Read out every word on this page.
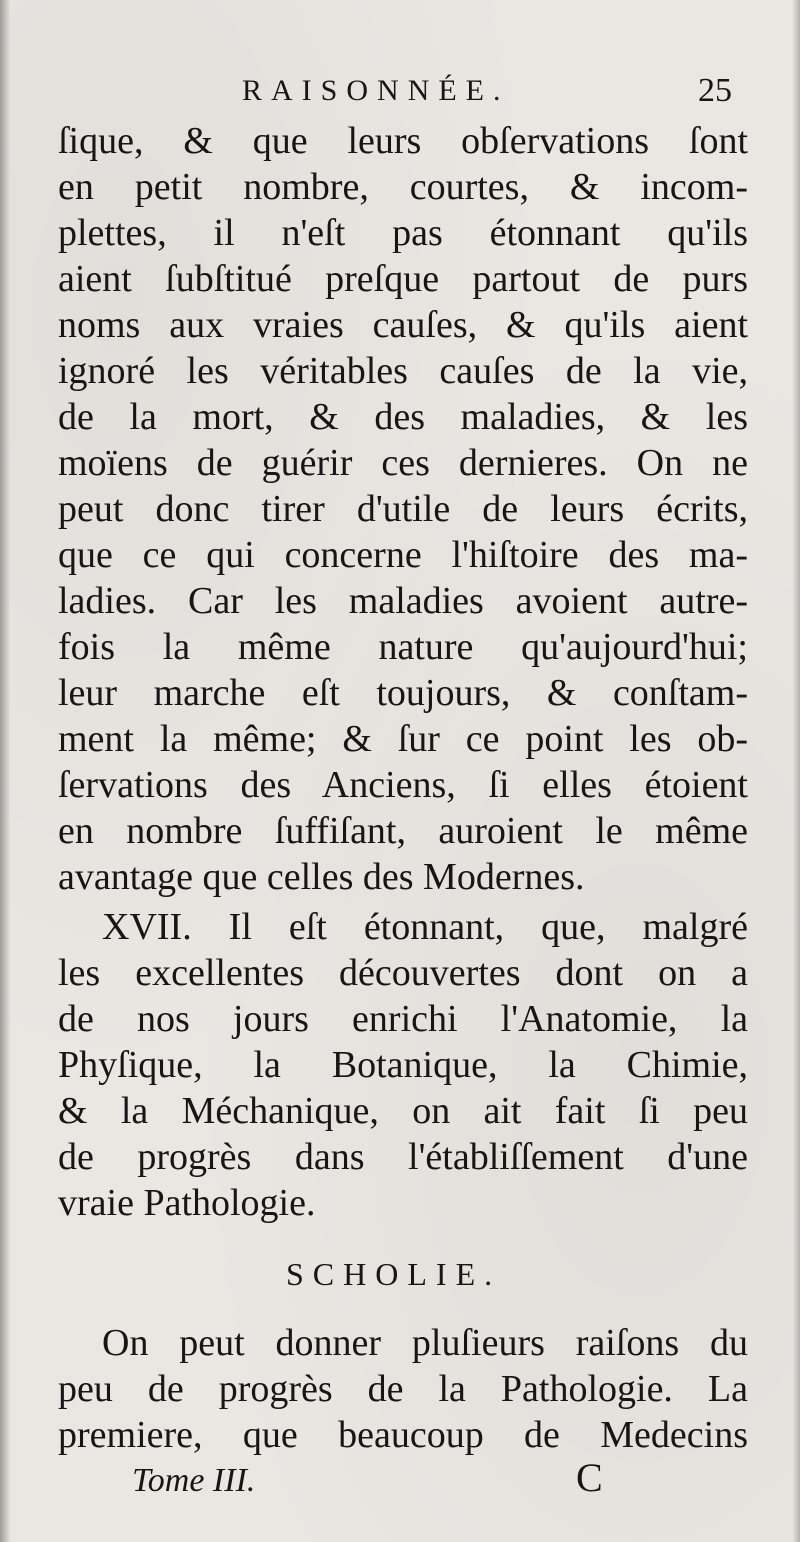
RAISONNÉE.	25
ſique, & que leurs obſervations ſont
en petit nombre, courtes, & incom-
plettes, il n'eſt pas étonnant qu'ils
aient ſubſtitué preſque partout de purs
noms aux vraies cauſes, & qu'ils aient
ignoré les véritables cauſes de la vie,
de la mort, & des maladies, & les
moïens de guérir ces dernieres. On ne
peut donc tirer d'utile de leurs écrits,
que ce qui concerne l'hiſtoire des ma-
ladies. Car les maladies avoient autre-
fois la même nature qu'aujourd'hui;
leur marche eſt toujours, & conſtam-
ment la même; & ſur ce point les ob-
ſervations des Anciens, ſi elles étoient
en nombre ſuffiſant, auroient le même
avantage que celles des Modernes.
XVII. Il eſt étonnant, que, malgré
les excellentes découvertes dont on a
de nos jours enrichi l'Anatomie, la
Phyſique, la Botanique, la Chimie,
& la Méchanique, on ait fait ſi peu
de progrès dans l'établiſſement d'une
vraie Pathologie.
SCHOLIE.
On peut donner pluſieurs raiſons du
peu de progrès de la Pathologie. La
premiere, que beaucoup de Medecins
Tome III.	C
